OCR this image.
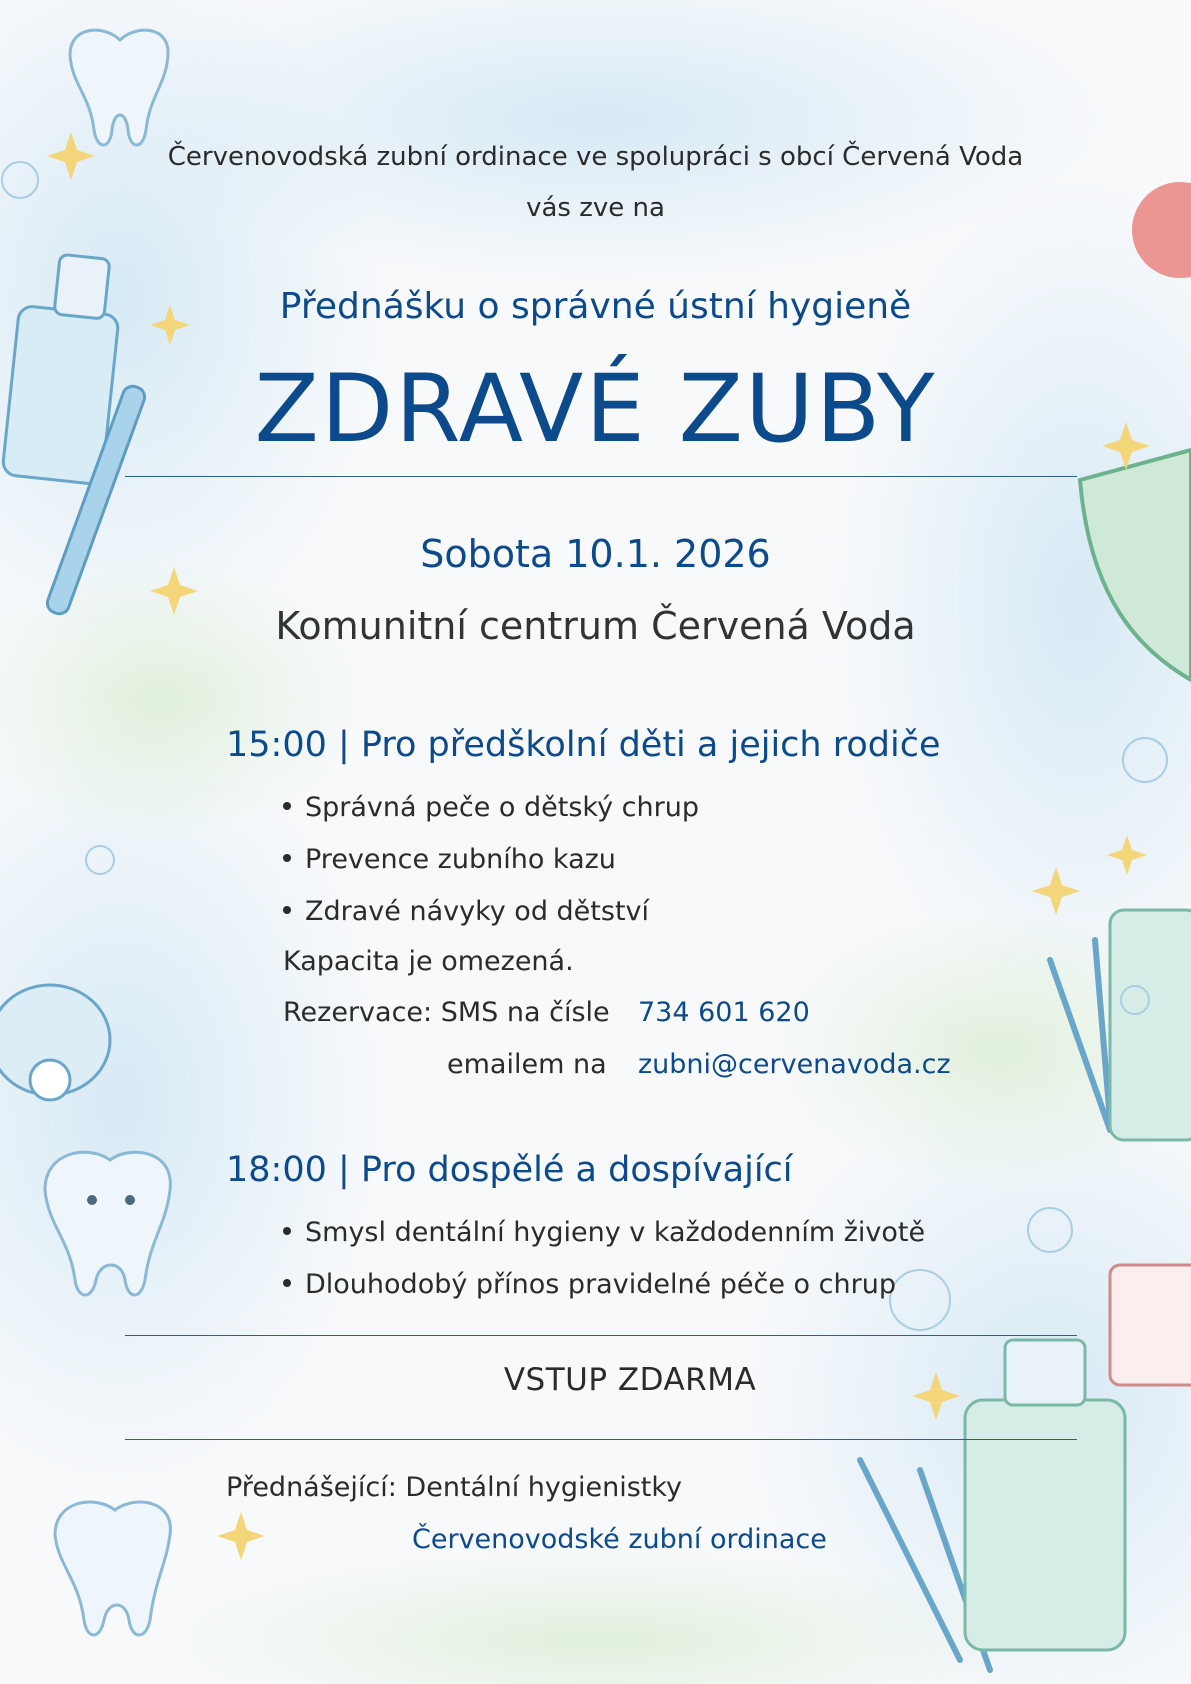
Červenovodská zubní ordinace ve spolupráci s obcí Červená Voda
vás zve na
Přednášku o správné ústní hygieně
ZDRAVÉ ZUBY
Sobota 10.1. 2026
Komunitní centrum Červená Voda
15:00 | Pro předškolní děti a jejich rodiče
Správná peče o dětský chrup
Prevence zubního kazu
Zdravé návyky od dětství
Kapacita je omezená.
Rezervace: SMS na čísle 734 601 620
emailem na zubni@cervenavoda.cz
18:00 | Pro dospělé a dospívající
Smysl dentální hygieny v každodenním životě
Dlouhodobý přínos pravidelné péče o chrup
VSTUP ZDARMA
Přednášející: Dentální hygienistky
Červenovodské zubní ordinace
